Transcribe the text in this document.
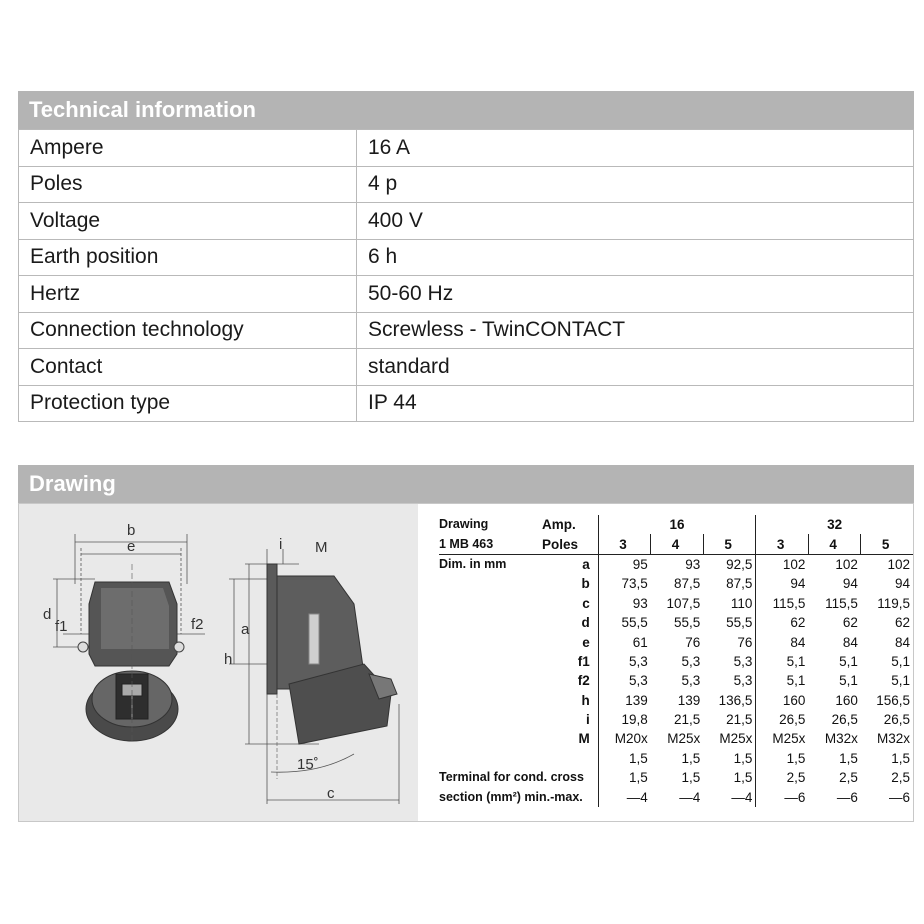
Technical information
Ampere	16 A
Poles	4 p
Voltage	400 V
Earth position	6 h
Hertz	50-60 Hz
Connection technology	Screwless - TwinCONTACT
Contact	standard
Protection type	IP 44
Drawing
b
e
d
f1	f2 a
h
i M
15˚
c
Drawing	Amp.	16			32		
1 MB 463	Poles	3	4	5	3	4	5
Dim. in mm	a	95	93	92,5	102	102	102
	b	73,5	87,5	87,5	94	94	94
	c	93	107,5	110	115,5	115,5	119,5
	d	55,5	55,5	55,5	62	62	62
	e	61	76	76	84	84	84
	f1	5,3	5,3	5,3	5,1	5,1	5,1
	f2	5,3	5,3	5,3	5,1	5,1	5,1
	h	139	139	136,5	160	160	156,5
	i	19,8	21,5	21,5	26,5	26,5	26,5
	M	M20x	M25x	M25x	M25x	M32x	M32x
		1,5	1,5	1,5	1,5	1,5	1,5
Terminal for cond. cross		1,5	1,5	1,5	2,5	2,5	2,5
section (mm²) min.-max.		—4	—4	—4	—6	—6	—6
